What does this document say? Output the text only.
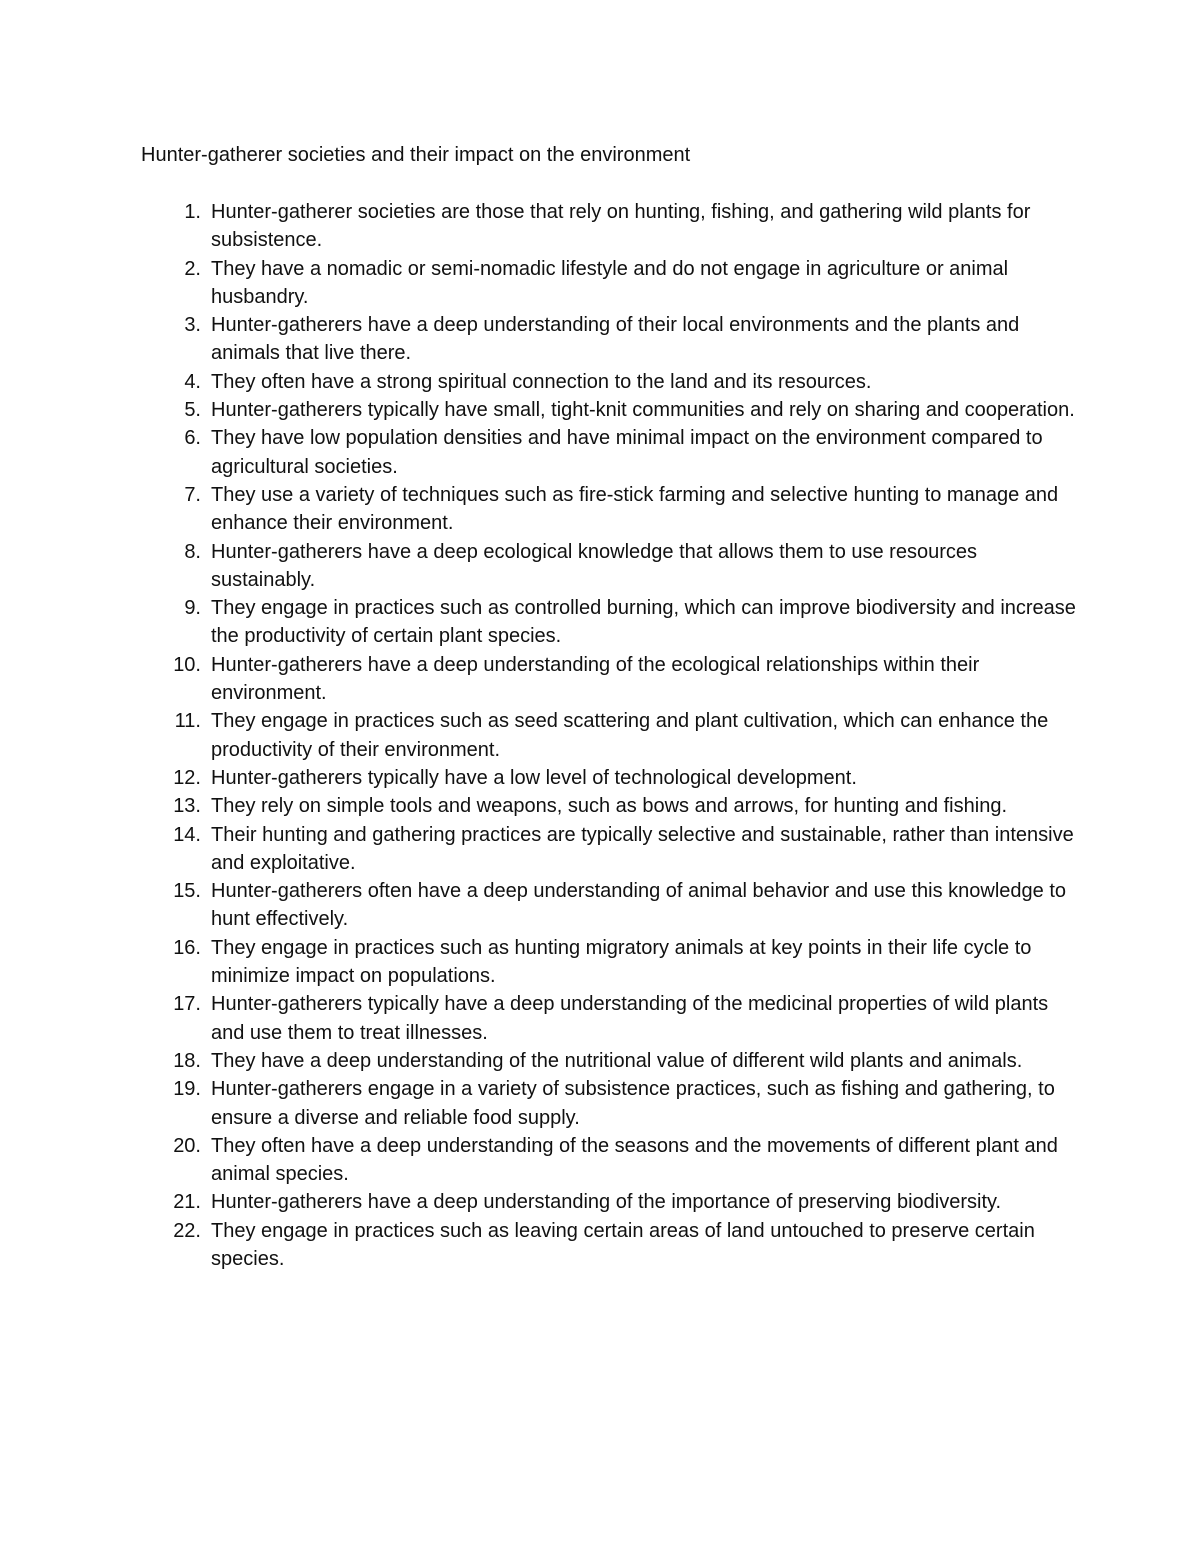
Hunter-gatherer societies and their impact on the environment
1. Hunter-gatherer societies are those that rely on hunting, fishing, and gathering wild plants for subsistence.
2. They have a nomadic or semi-nomadic lifestyle and do not engage in agriculture or animal husbandry.
3. Hunter-gatherers have a deep understanding of their local environments and the plants and animals that live there.
4. They often have a strong spiritual connection to the land and its resources.
5. Hunter-gatherers typically have small, tight-knit communities and rely on sharing and cooperation.
6. They have low population densities and have minimal impact on the environment compared to agricultural societies.
7. They use a variety of techniques such as fire-stick farming and selective hunting to manage and enhance their environment.
8. Hunter-gatherers have a deep ecological knowledge that allows them to use resources sustainably.
9. They engage in practices such as controlled burning, which can improve biodiversity and increase the productivity of certain plant species.
10. Hunter-gatherers have a deep understanding of the ecological relationships within their environment.
11. They engage in practices such as seed scattering and plant cultivation, which can enhance the productivity of their environment.
12. Hunter-gatherers typically have a low level of technological development.
13. They rely on simple tools and weapons, such as bows and arrows, for hunting and fishing.
14. Their hunting and gathering practices are typically selective and sustainable, rather than intensive and exploitative.
15. Hunter-gatherers often have a deep understanding of animal behavior and use this knowledge to hunt effectively.
16. They engage in practices such as hunting migratory animals at key points in their life cycle to minimize impact on populations.
17. Hunter-gatherers typically have a deep understanding of the medicinal properties of wild plants and use them to treat illnesses.
18. They have a deep understanding of the nutritional value of different wild plants and animals.
19. Hunter-gatherers engage in a variety of subsistence practices, such as fishing and gathering, to ensure a diverse and reliable food supply.
20. They often have a deep understanding of the seasons and the movements of different plant and animal species.
21. Hunter-gatherers have a deep understanding of the importance of preserving biodiversity.
22. They engage in practices such as leaving certain areas of land untouched to preserve certain species.
